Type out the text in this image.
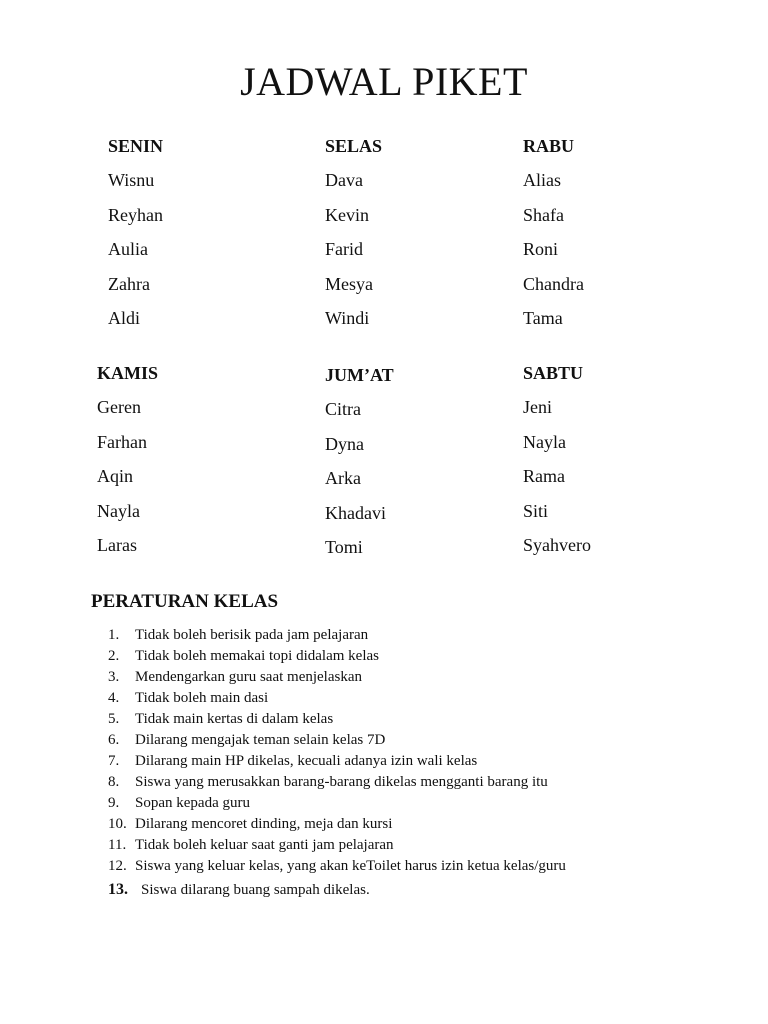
JADWAL PIKET
SENIN
Wisnu
Reyhan
Aulia
Zahra
Aldi
SELAS
Dava
Kevin
Farid
Mesya
Windi
RABU
Alias
Shafa
Roni
Chandra
Tama
KAMIS
Geren
Farhan
Aqin
Nayla
Laras
JUM’AT
Citra
Dyna
Arka
Khadavi
Tomi
SABTU
Jeni
Nayla
Rama
Siti
Syahvero
PERATURAN KELAS
1. Tidak boleh berisik pada jam pelajaran
2. Tidak boleh memakai topi didalam kelas
3. Mendengarkan guru saat menjelaskan
4. Tidak boleh main dasi
5. Tidak main kertas di dalam kelas
6. Dilarang mengajak teman selain kelas 7D
7. Dilarang main HP dikelas, kecuali adanya izin wali kelas
8. Siswa yang merusakkan barang-barang dikelas mengganti barang itu
9. Sopan kepada guru
10. Dilarang mencoret dinding, meja dan kursi
11. Tidak boleh keluar saat ganti jam pelajaran
12. Siswa yang keluar kelas, yang akan keToilet harus izin ketua kelas/guru
13. Siswa dilarang buang sampah dikelas.
